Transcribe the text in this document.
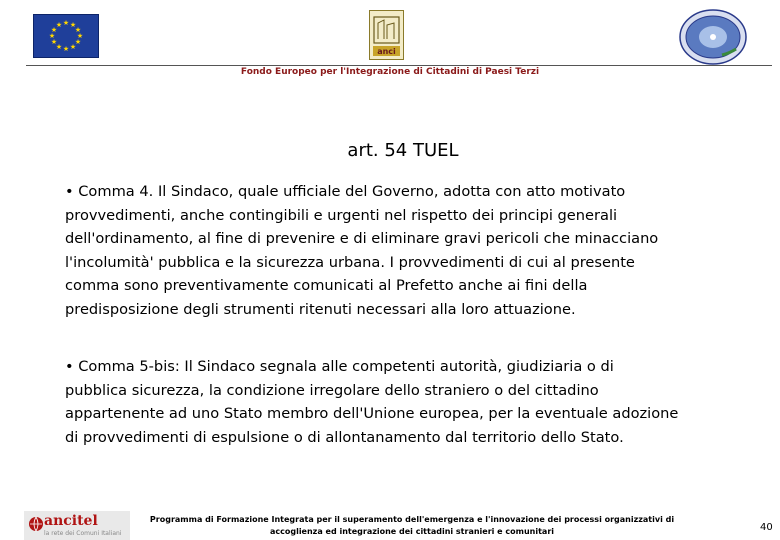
★ ★
★
★
★
★
★
★
★
★
★
★
anci
Fondo Europeo per l'Integrazione di Cittadini di Paesi Terzi
art. 54 TUEL
• Comma 4. Il Sindaco, quale ufficiale del Governo, adotta con atto motivato
provvedimenti, anche contingibili e urgenti nel rispetto dei principi generali
dell'ordinamento, al fine di prevenire e di eliminare gravi pericoli che minacciano
l'incolumità' pubblica e la sicurezza urbana. I provvedimenti di cui al presente
comma sono preventivamente comunicati al Prefetto anche ai fini della
predisposizione degli strumenti ritenuti necessari alla loro attuazione.
• Comma 5-bis: Il Sindaco segnala alle competenti autorità, giudiziaria o di
pubblica sicurezza, la condizione irregolare dello straniero o del cittadino
appartenente ad uno Stato membro dell'Unione europea, per la eventuale adozione
di provvedimenti di espulsione o di allontanamento dal territorio dello Stato.
ancitel
la rete dei Comuni Italiani
Programma di Formazione Integrata per il superamento dell'emergenza e l'innovazione dei processi organizzativi di
accoglienza ed integrazione dei cittadini stranieri e comunitari	40
